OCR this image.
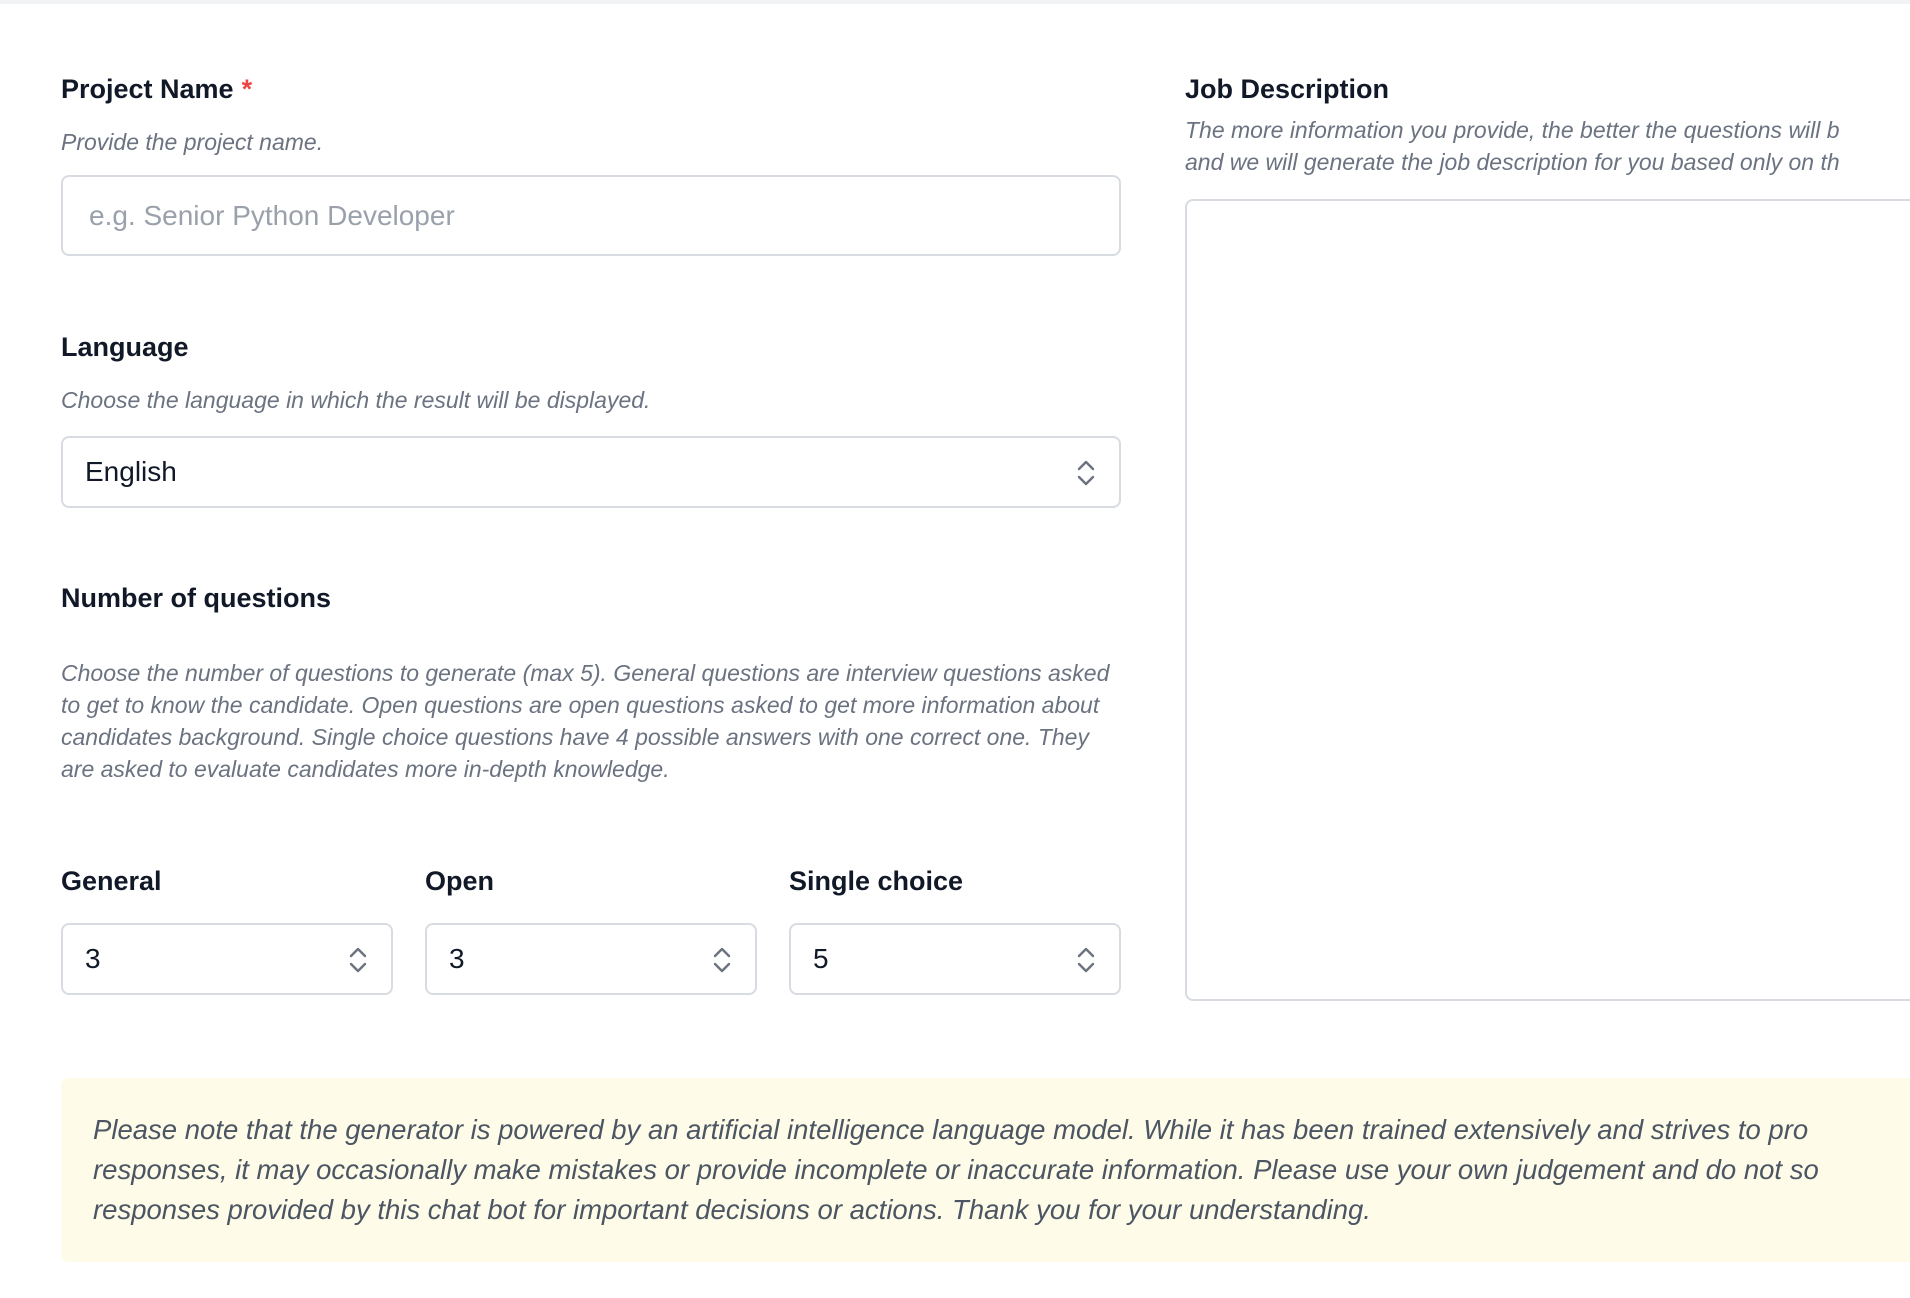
Project Name *
Provide the project name.
e.g. Senior Python Developer
Language
Choose the language in which the result will be displayed.
English
Number of questions
Choose the number of questions to generate (max 5). General questions are interview questions asked to get to know the candidate. Open questions are open questions asked to get more information about candidates background. Single choice questions have 4 possible answers with one correct one. They are asked to evaluate candidates more in-depth knowledge.
General
3
Open
3
Single choice
5
Job Description
The more information you provide, the better the questions will b
and we will generate the job description for you based only on th

Please note that the generator is powered by an artificial intelligence language model. While it has been trained extensively and strives to pro

responses, it may occasionally make mistakes or provide incomplete or inaccurate information. Please use your own judgement and do not so

responses provided by this chat bot for important decisions or actions. Thank you for your understanding.
